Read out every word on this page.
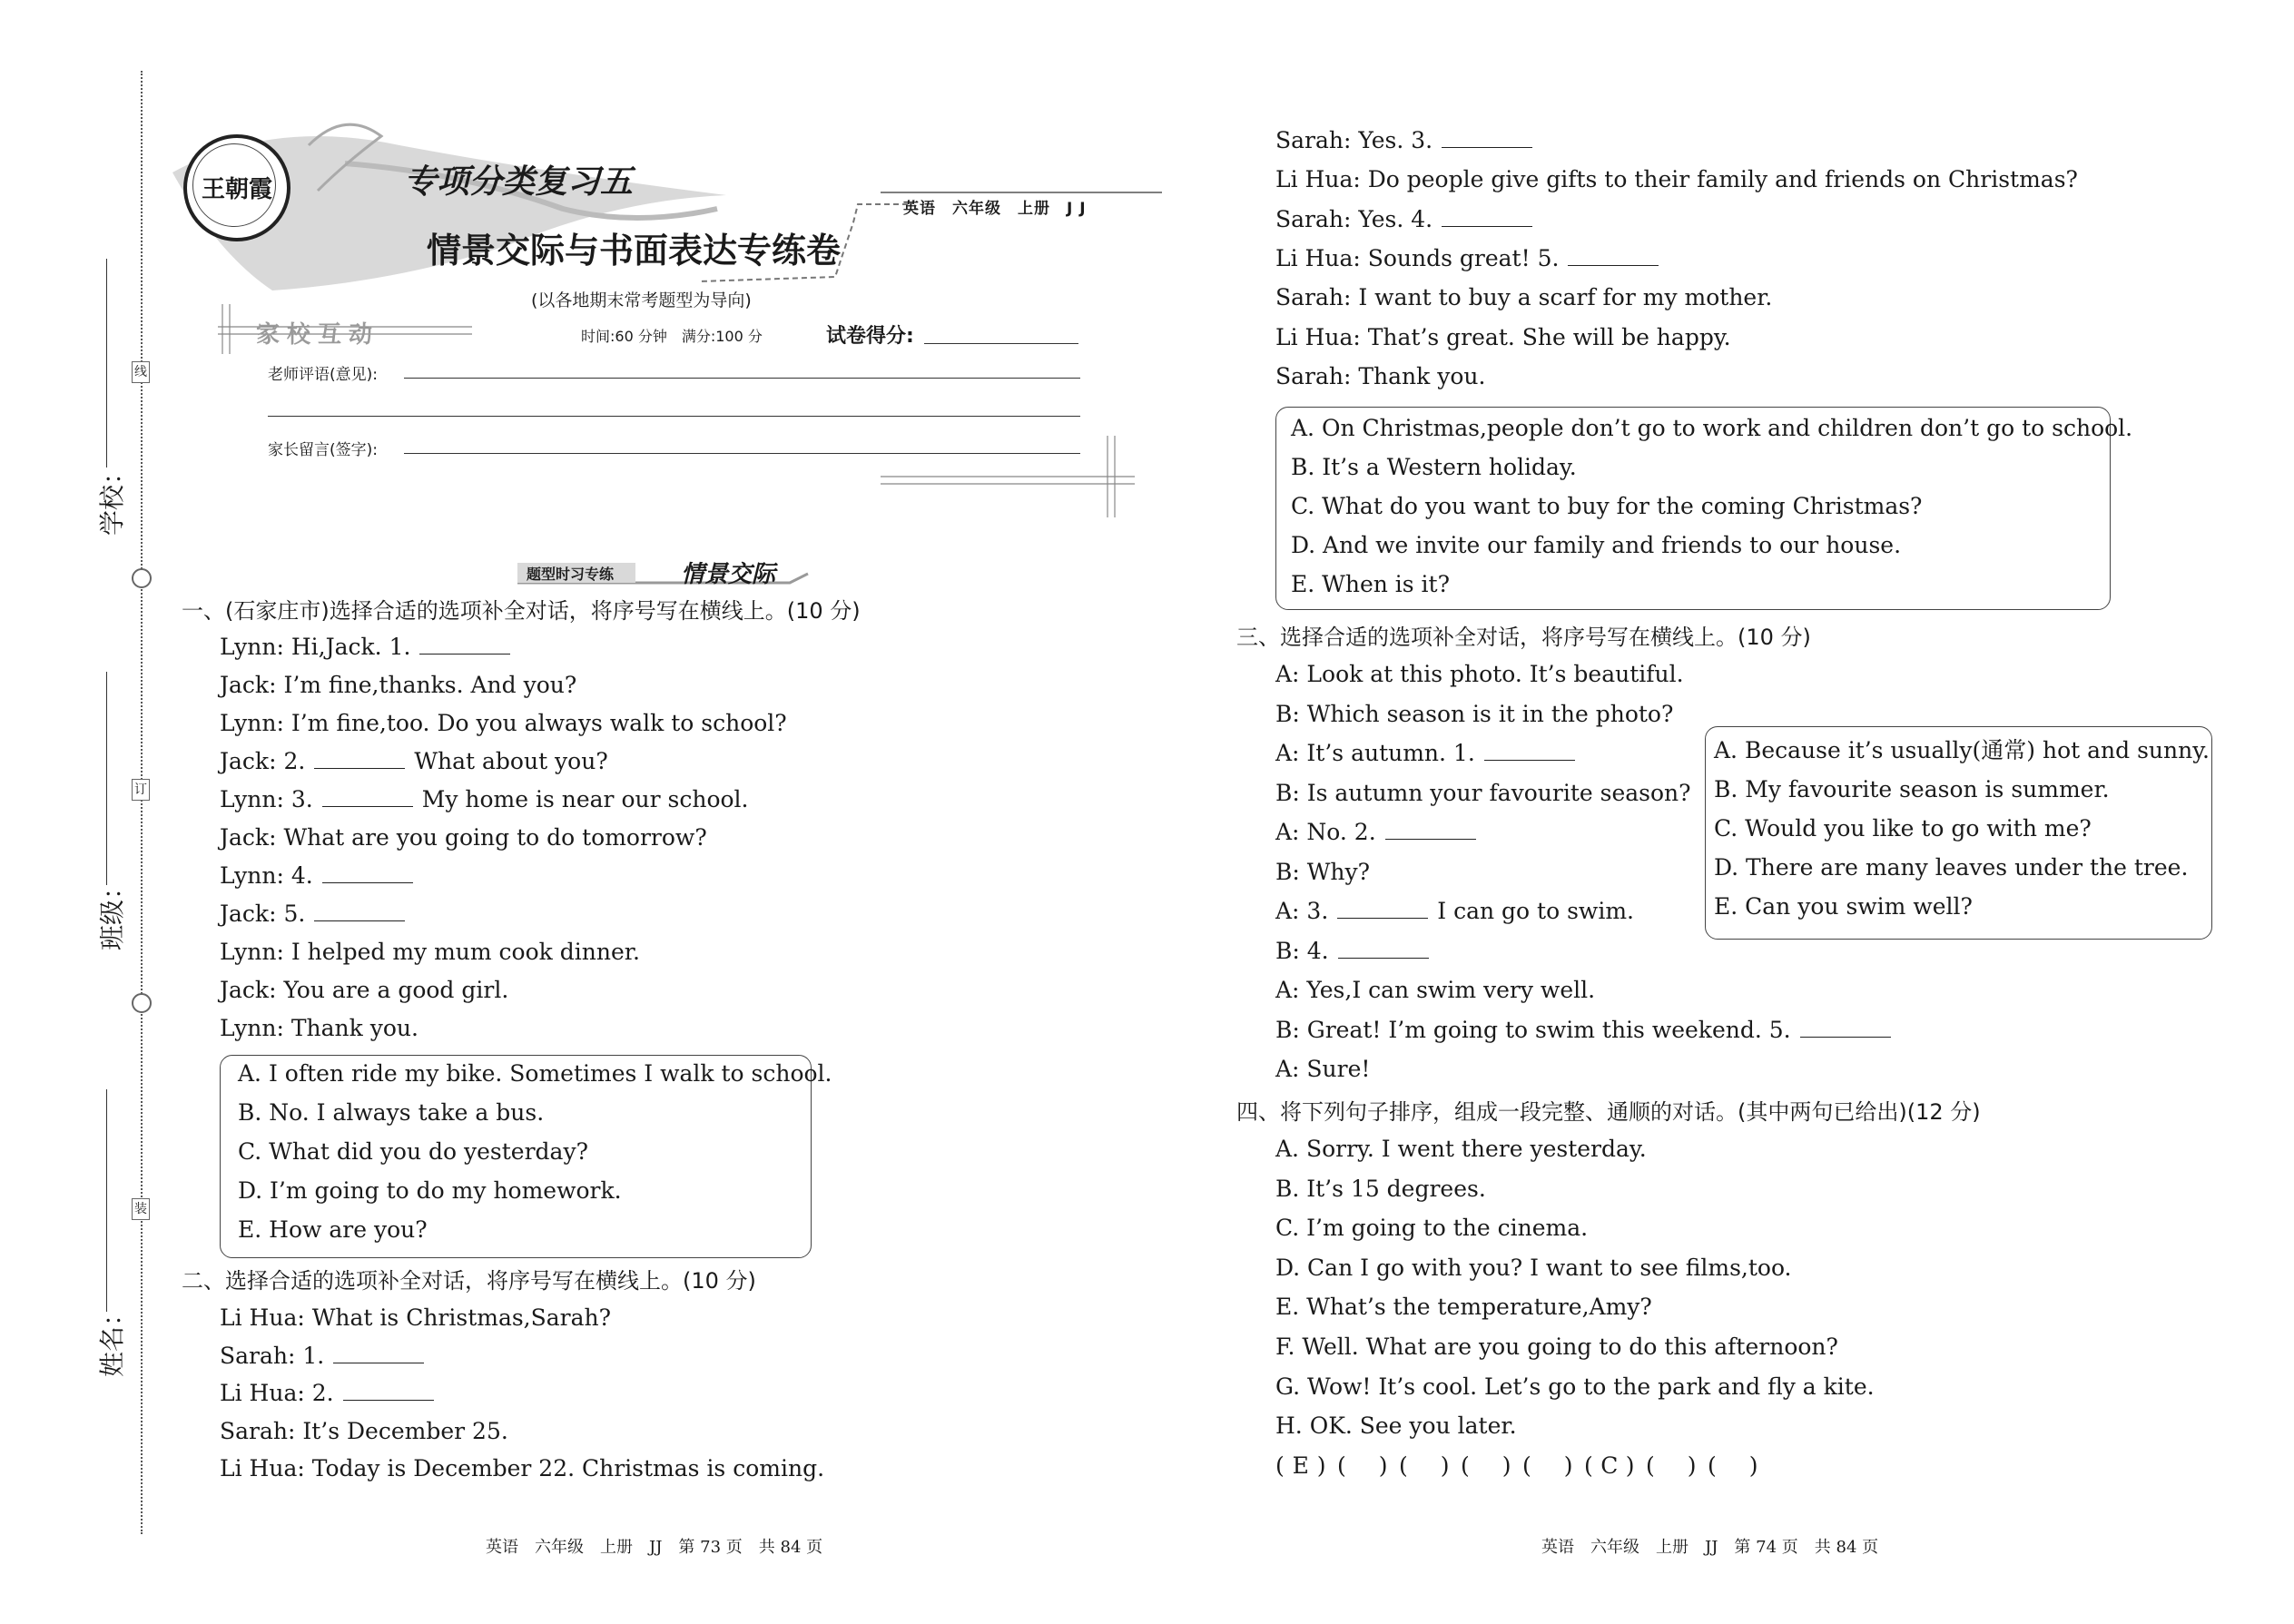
线
订
装
学校：
班级：
姓名：
王朝霞	专项分类复习五
英语　六年级　上册　J J
情景交际与书面表达专练卷
(以各地期末常考题型为导向)
家校互动	时间:60 分钟　满分:100 分	试卷得分:
老师评语(意见):
家长留言(签字):
题型时习专练	情景交际
一、(石家庄市)选择合适的选项补全对话，将序号写在横线上。(10 分)
Lynn: Hi,Jack. 1.
Jack: I’m fine,thanks. And you?
Lynn: I’m fine,too. Do you always walk to school?
Jack: 2.	What about you?
Lynn: 3.	My home is near our school.
Jack: What are you going to do tomorrow?
Lynn: 4.
Jack: 5.
Lynn: I helped my mum cook dinner.
Jack: You are a good girl.
Lynn: Thank you.
A. I often ride my bike. Sometimes I walk to school.
B. No. I always take a bus.
C. What did you do yesterday?
D. I’m going to do my homework.
E. How are you?
二、选择合适的选项补全对话，将序号写在横线上。(10 分)
Li Hua: What is Christmas,Sarah?
Sarah: 1.
Li Hua: 2.
Sarah: It’s December 25.
Li Hua: Today is December 22. Christmas is coming.
Sarah: Yes. 3.
Li Hua: Do people give gifts to their family and friends on Christmas?
Sarah: Yes. 4.
Li Hua: Sounds great! 5.
Sarah: I want to buy a scarf for my mother.
Li Hua: That’s great. She will be happy.
Sarah: Thank you.
A. On Christmas,people don’t go to work and children don’t go to school.
B. It’s a Western holiday.
C. What do you want to buy for the coming Christmas?
D. And we invite our family and friends to our house.
E. When is it?
三、选择合适的选项补全对话，将序号写在横线上。(10 分)
A: Look at this photo. It’s beautiful.
B: Which season is it in the photo?
A: It’s autumn. 1.
B: Is autumn your favourite season?
A: No. 2.
B: Why?
A: 3.	I can go to swim.
B: 4.
A: Yes,I can swim very well.
B: Great! I’m going to swim this weekend. 5.
A: Sure!
A. Because it’s usually(通常) hot and sunny.
B. My favourite season is summer.
C. Would you like to go with me?
D. There are many leaves under the tree.
E. Can you swim well?
四、将下列句子排序，组成一段完整、通顺的对话。(其中两句已给出)(12 分)
A. Sorry. I went there yesterday.
B. It’s 15 degrees.
C. I’m going to the cinema.
D. Can I go with you? I want to see films,too.
E. What’s the temperature,Amy?
F. Well. What are you going to do this afternoon?
G. Wow! It’s cool. Let’s go to the park and fly a kite.
H. OK. See you later.
( E ) ( ) ( ) ( ) ( ) ( C ) ( ) ( )
英语　六年级　上册　JJ　第 73 页　共 84 页	英语　六年级　上册　JJ　第 74 页　共 84 页
